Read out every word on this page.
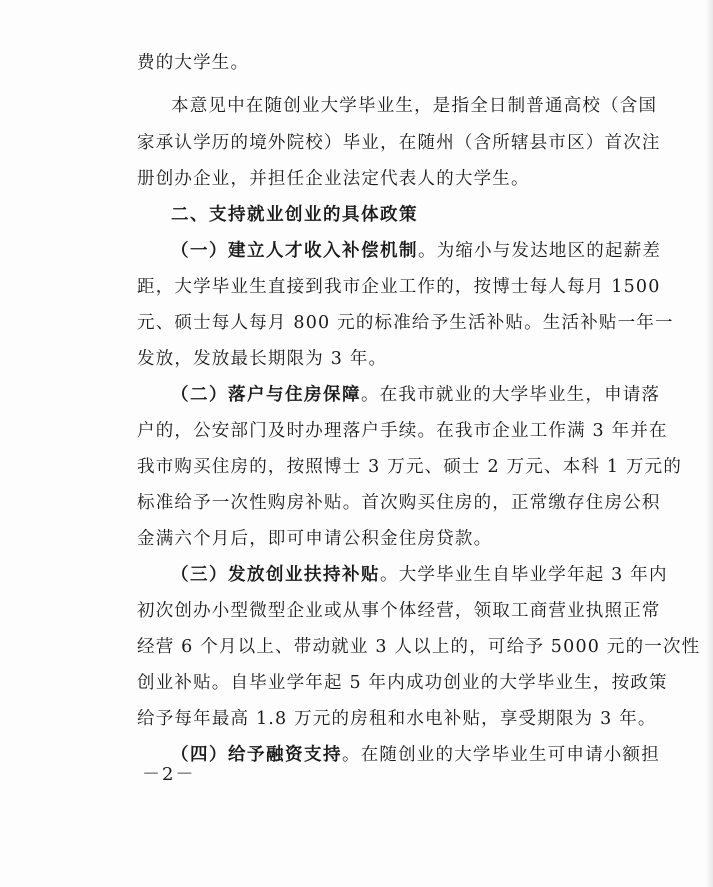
费的大学生。
本意见中在随创业大学毕业生，是指全日制普通高校（含国
家承认学历的境外院校）毕业，在随州（含所辖县市区）首次注
册创办企业，并担任企业法定代表人的大学生。
二、支持就业创业的具体政策
（一）建立人才收入补偿机制。为缩小与发达地区的起薪差
距，大学毕业生直接到我市企业工作的，按博士每人每月 1500
元、硕士每人每月 800 元的标准给予生活补贴。生活补贴一年一
发放，发放最长期限为 3 年。
（二）落户与住房保障。在我市就业的大学毕业生，申请落
户的，公安部门及时办理落户手续。在我市企业工作满 3 年并在
我市购买住房的，按照博士 3 万元、硕士 2 万元、本科 1 万元的
标准给予一次性购房补贴。首次购买住房的，正常缴存住房公积
金满六个月后，即可申请公积金住房贷款。
（三）发放创业扶持补贴。大学毕业生自毕业学年起 3 年内
初次创办小型微型企业或从事个体经营，领取工商营业执照正常
经营 6 个月以上、带动就业 3 人以上的，可给予 5000 元的一次性
创业补贴。自毕业学年起 5 年内成功创业的大学毕业生，按政策
给予每年最高 1.8 万元的房租和水电补贴，享受期限为 3 年。
（四）给予融资支持。在随创业的大学毕业生可申请小额担
－2－
